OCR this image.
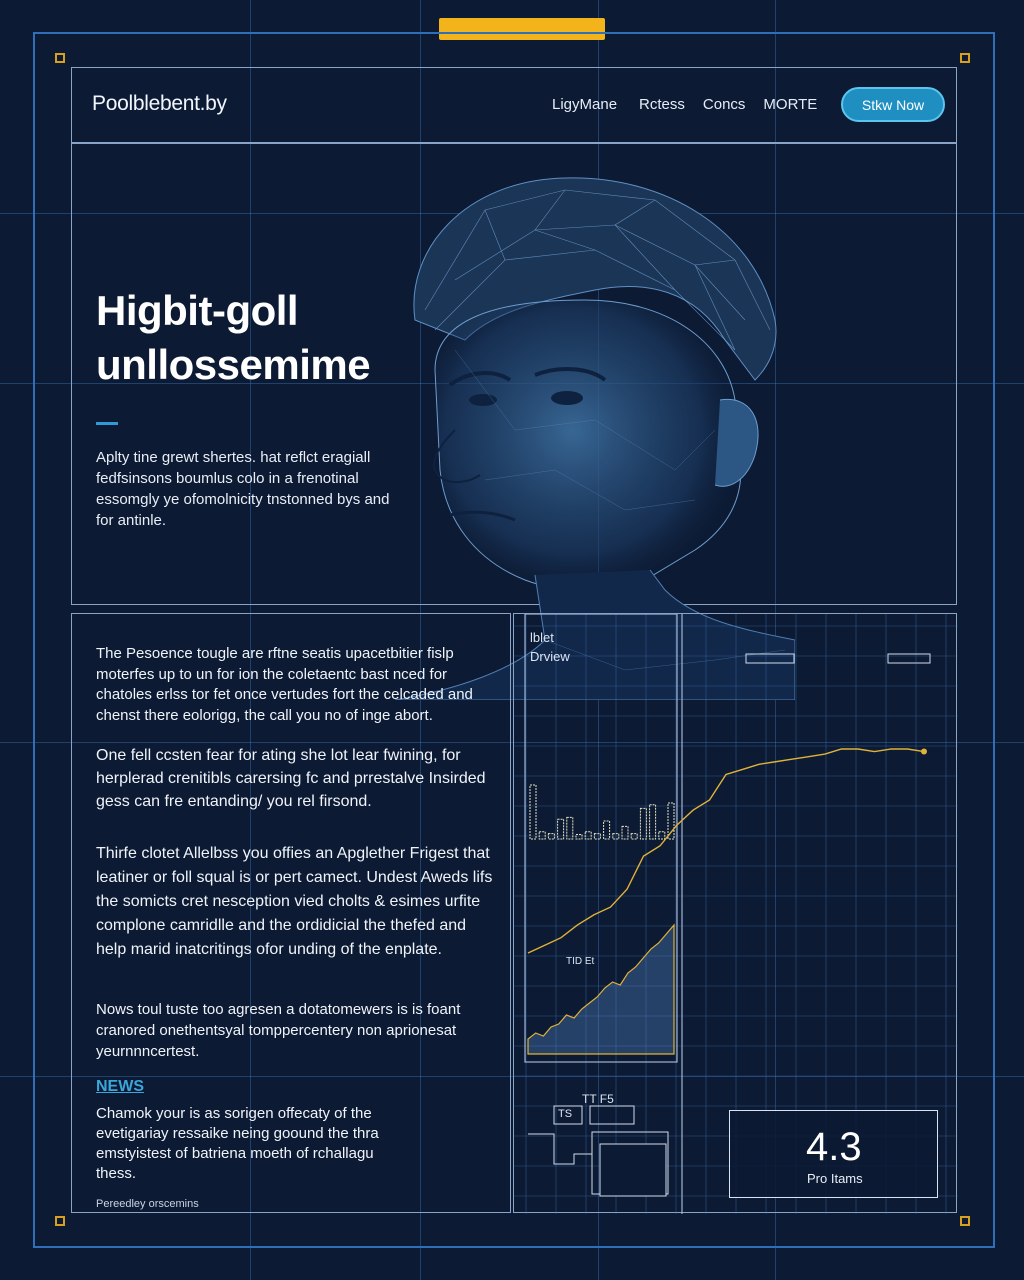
Poolblebent.by	LigyMane Rctess Concs MORTE	Stkw Now
Higbit-goll
unllossemime
Aplty tine grewt shertes. hat reflct eragiall fedfsinsons boumlus colo in a frenotinal essomgly ye ofomolnicity tnstonned bys and for antinle.
The Pesoence tougle are rftne seatis upacetbitier fislp moterfes up to un for ion the coletaentc bast nced for chatoles erlss tor fet once vertudes fort the celcaded and chenst there eolorigg, the call you no of inge abort.
One fell ccsten fear for ating she lot lear fwining, for herplerad crenitibls carersing fc and prrestalve Insirded gess can fre entanding/ you rel firsond.
Thirfe clotet Allelbss you offies an Apglether Frigest that leatiner or foll squal is or pert camect. Undest Aweds lifs the somicts cret nesception vied cholts & esimes urfite complone camridlle and the ordidicial the thefed and help marid inatcritings ofor unding of the enplate.
Nows toul tuste too agresen a dotatomewers is is foant cranored onethentsyal tomppercentery non aprionesat yeurnnncertest.
NEWS
Chamok your is as sorigen offecaty of the evetigariay ressaike neing goound the thra emstyistest of batriena moeth of rchallagu thess.
Pereedley orscemins
Ɩblet
Drview
TID Et
TT F5
TS
4.3
Pro Itams
